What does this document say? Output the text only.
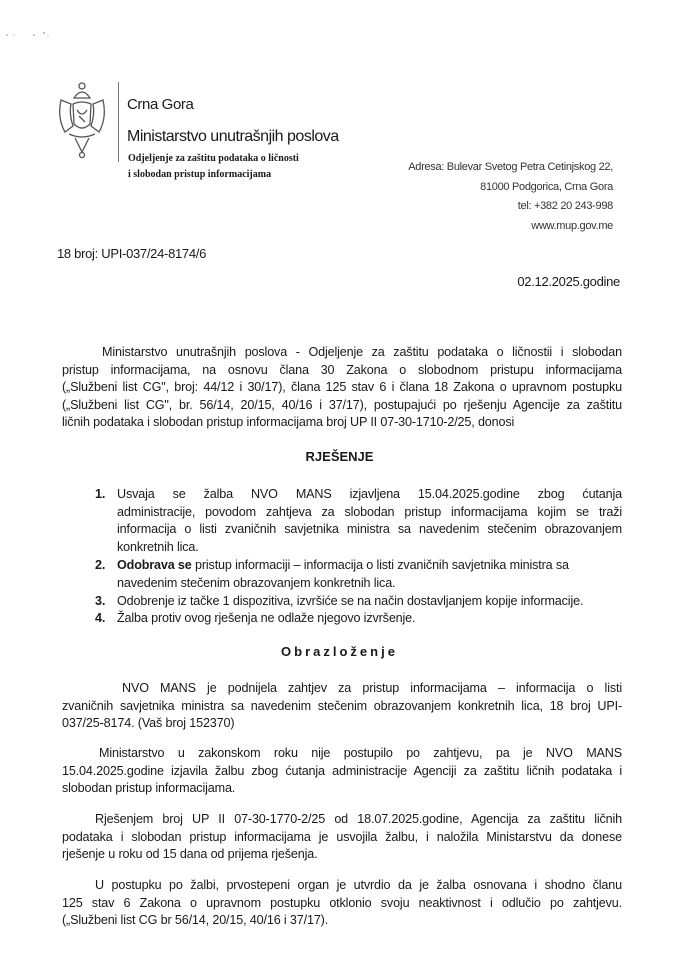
Crna Gora
Ministarstvo unutrašnjih poslova
Odjeljenje za zaštitu podataka o ličnosti
i slobodan pristup informacijama
Adresa: Bulevar Svetog Petra Cetinjskog 22,
81000 Podgorica, Crna Gora
tel: +382 20 243-998
www.mup.gov.me
18 broj: UPI-037/24-8174/6
02.12.2025.godine
Ministarstvo unutrašnjih poslova - Odjeljenje za zaštitu podataka o ličnostii i slobodan
pristup informacijama, na osnovu člana 30 Zakona o slobodnom pristupu informacijama
(„Službeni list CG", broj: 44/12 i 30/17), člana 125 stav 6 i člana 18 Zakona o upravnom postupku
(„Službeni list CG", br. 56/14, 20/15, 40/16 i 37/17), postupajući po rješenju Agencije za zaštitu
ličnih podataka i slobodan pristup informacijama broj UP II 07-30-1710-2/25, donosi
RJEŠENJE
1. Usvaja se žalba NVO MANS izjavljena 15.04.2025.godine zbog ćutanja
administracije, povodom zahtjeva za slobodan pristup informacijama kojim se traži
informacija o listi zvaničnih savjetnika ministra sa navedenim stečenim obrazovanjem
konkretnih lica.
2. Odobrava se pristup informaciji – informacija o listi zvaničnih savjetnika ministra sa
navedenim stečenim obrazovanjem konkretnih lica.
3. Odobrenje iz tačke 1 dispozitiva, izvršiće se na način dostavljanjem kopije informacije.
4. Žalba protiv ovog rješenja ne odlaže njegovo izvršenje.
Obrazloženje
NVO MANS je podnijela zahtjev za pristup informacijama – informacija o listi
zvaničnih savjetnika ministra sa navedenim stečenim obrazovanjem konkretnih lica, 18 broj UPI-
037/25-8174. (Vaš broj 152370)
Ministarstvo u zakonskom roku nije postupilo po zahtjevu, pa je NVO MANS
15.04.2025.godine izjavila žalbu zbog ćutanja administracije Agenciji za zaštitu ličnih podataka i
slobodan pristup informacijama.
Rješenjem broj UP II 07-30-1770-2/25 od 18.07.2025.godine, Agencija za zaštitu ličnih
podataka i slobodan pristup informacijama je usvojila žalbu, i naložila Ministarstvu da donese
rješenje u roku od 15 dana od prijema rješenja.
U postupku po žalbi, prvostepeni organ je utvrdio da je žalba osnovana i shodno članu
125 stav 6 Zakona o upravnom postupku otklonio svoju neaktivnost i odlučio po zahtjevu.
(„Službeni list CG br 56/14, 20/15, 40/16 i 37/17).
